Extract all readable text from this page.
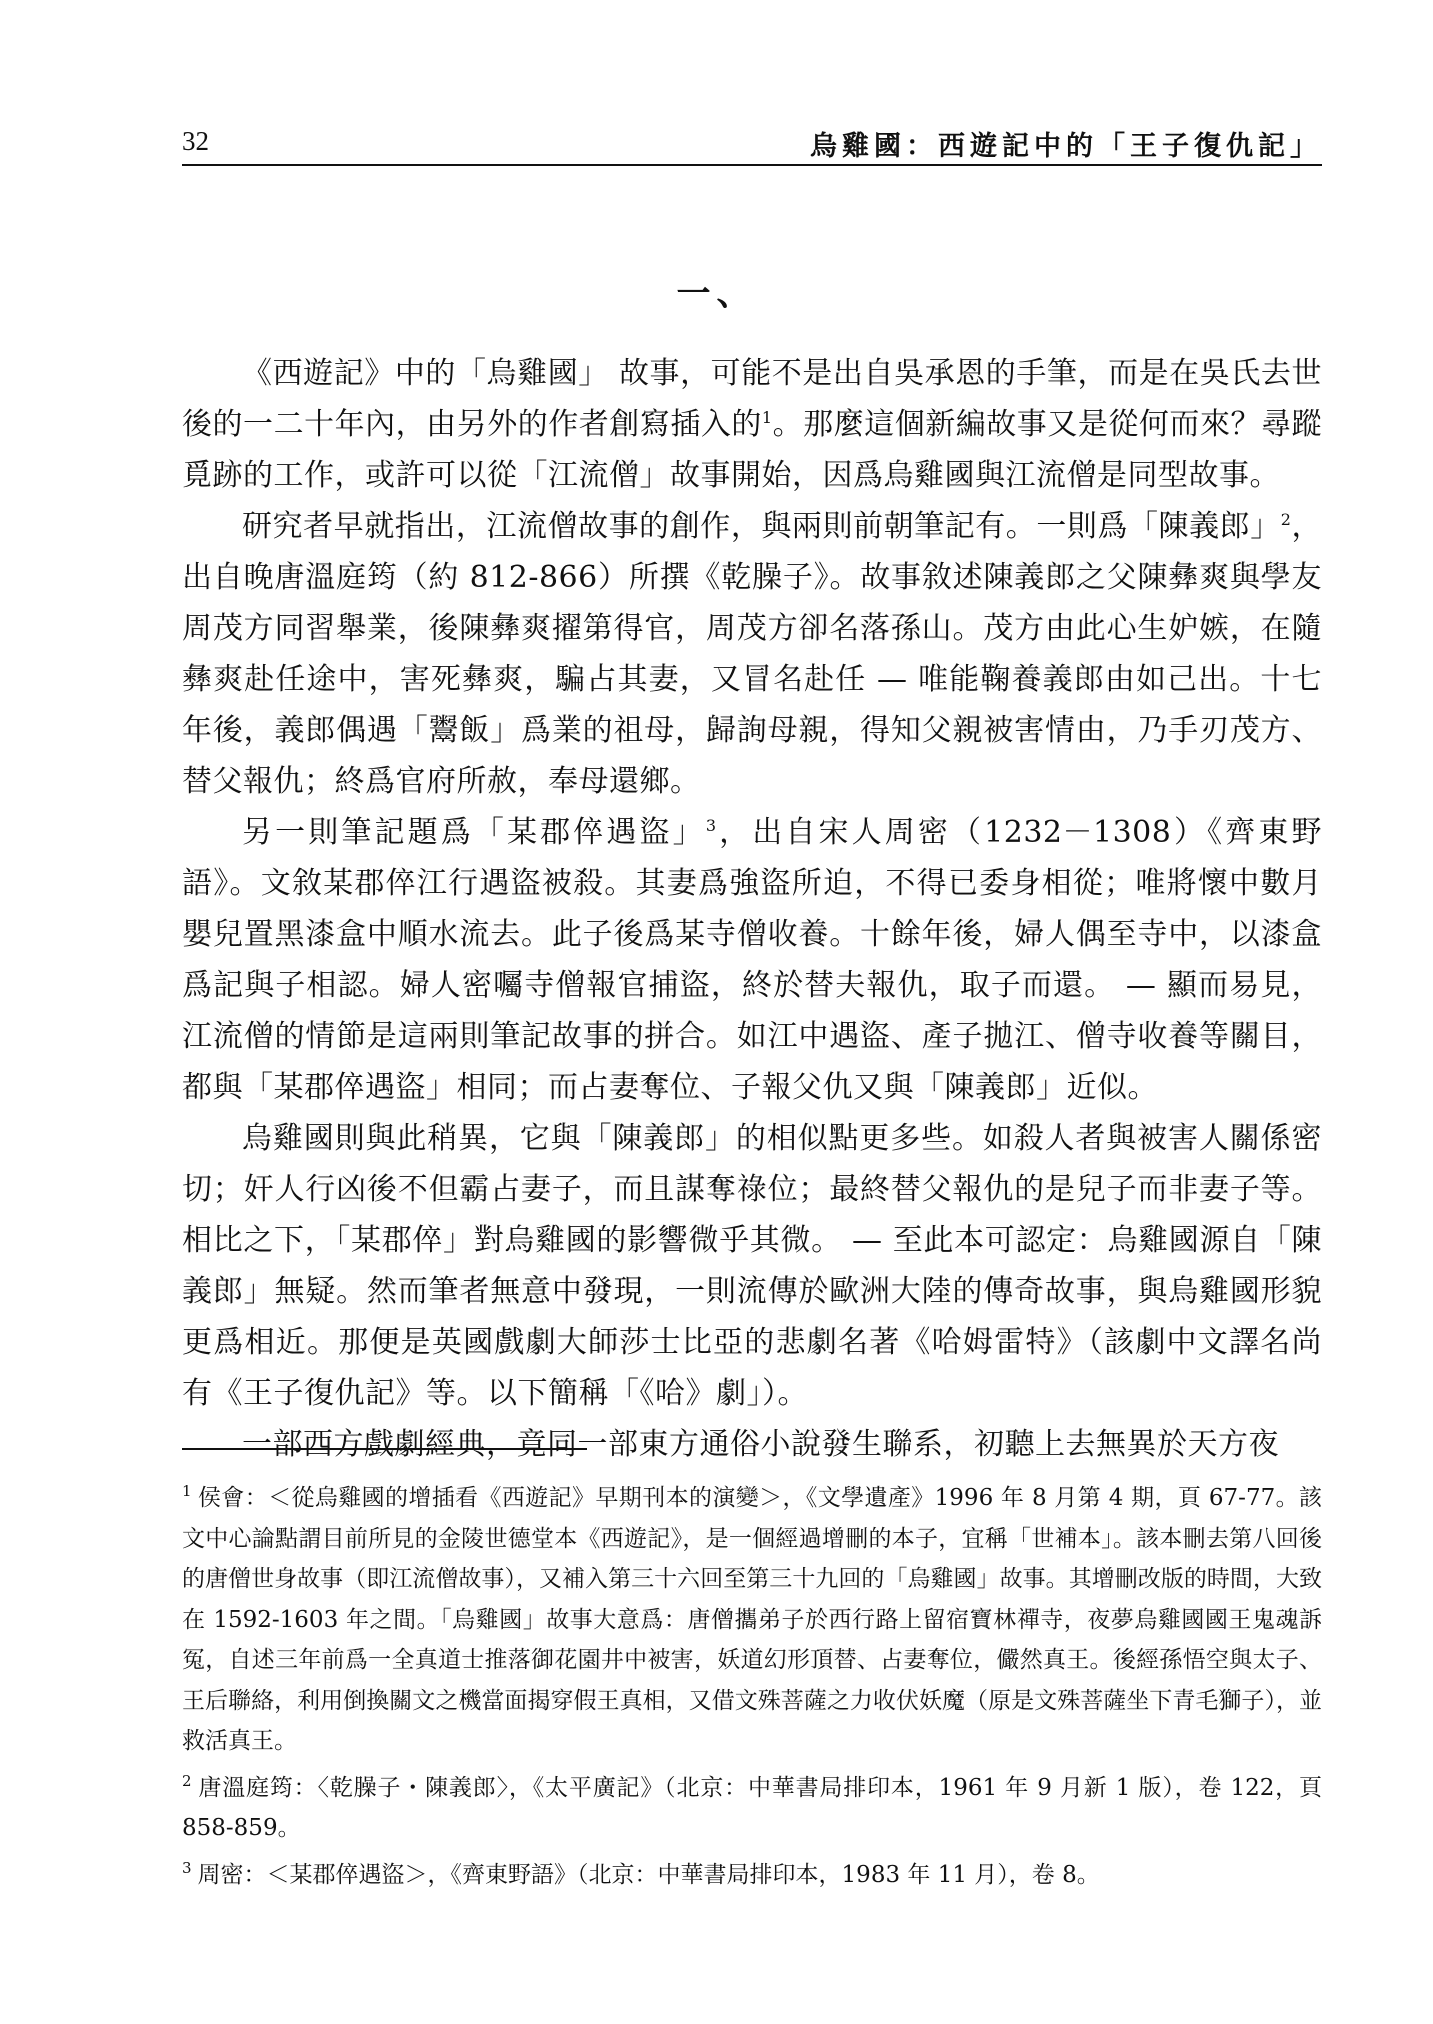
32	烏雞國：西遊記中的「王子復仇記」
一、

《西遊記》中的「烏雞國」 故事，可能不是出自吳承恩的手筆，而是在吳氏去世後的一二十年內，由另外的作者創寫插入的$^1$。那麼這個新編故事又是從何而來？尋蹤覓跡的工作，或許可以從「江流僧」故事開始，因爲烏雞國與江流僧是同型故事。

研究者早就指出，江流僧故事的創作，與兩則前朝筆記有。一則爲「陳義郎」$^2$，出自晚唐溫庭筠（約 812-866）所撰《乾臊子》。故事敘述陳義郎之父陳彝爽與學友周茂方同習舉業，後陳彝爽擢第得官，周茂方卻名落孫山。茂方由此心生妒嫉，在隨彝爽赴任途中，害死彝爽，騙占其妻，又冒名赴任 — 唯能鞠養義郎由如己出。十七年後，義郎偶遇「鬻飯」爲業的祖母，歸詢母親，得知父親被害情由，乃手刃茂方、替父報仇；終爲官府所赦，奉母還鄉。

另一則筆記題爲「某郡倅遇盜」$^3$，出自宋人周密（1232－1308）《齊東野語》。文敘某郡倅江行遇盜被殺。其妻爲強盜所迫，不得已委身相從；唯將懷中數月嬰兒置黑漆盒中順水流去。此子後爲某寺僧收養。十餘年後，婦人偶至寺中，以漆盒爲記與子相認。婦人密囑寺僧報官捕盜，終於替夫報仇，取子而還。 — 顯而易見，江流僧的情節是這兩則筆記故事的拼合。如江中遇盜、產子拋江、僧寺收養等關目，都與「某郡倅遇盜」相同；而占妻奪位、子報父仇又與「陳義郎」近似。

烏雞國則與此稍異，它與「陳義郎」的相似點更多些。如殺人者與被害人關係密切；奸人行凶後不但霸占妻子，而且謀奪祿位；最終替父報仇的是兒子而非妻子等。相比之下，「某郡倅」對烏雞國的影響微乎其微。 — 至此本可認定：烏雞國源自「陳義郎」無疑。然而筆者無意中發現，一則流傳於歐洲大陸的傳奇故事，與烏雞國形貌更爲相近。那便是英國戲劇大師莎士比亞的悲劇名著《哈姆雷特》（該劇中文譯名尚有《王子復仇記》等。以下簡稱「《哈》劇」）。

一部西方戲劇經典，竟同一部東方通俗小說發生聯系，初聽上去無異於天方夜

$^1$ 侯會：＜從烏雞國的增插看《西遊記》早期刊本的演變＞，《文學遺產》1996 年 8 月第 4 期，頁 67-77。該文中心論點謂目前所見的金陵世德堂本《西遊記》，是一個經過增刪的本子，宜稱「世補本」。該本刪去第八回後的唐僧世身故事（即江流僧故事），又補入第三十六回至第三十九回的「烏雞國」故事。其增刪改版的時間，大致在 1592-1603 年之間。「烏雞國」故事大意爲：唐僧攜弟子於西行路上留宿寶林禪寺，夜夢烏雞國國王鬼魂訴冤，自述三年前爲一全真道士推落御花園井中被害，妖道幻形頂替、占妻奪位，儼然真王。後經孫悟空與太子、王后聯絡，利用倒換關文之機當面揭穿假王真相，又借文殊菩薩之力收伏妖魔（原是文殊菩薩坐下青毛獅子），並救活真王。

$^2$ 唐溫庭筠：〈乾臊子・陳義郎〉，《太平廣記》（北京：中華書局排印本，1961 年 9 月新 1 版），卷 122，頁 858-859。

$^3$ 周密：＜某郡倅遇盜＞，《齊東野語》（北京：中華書局排印本，1983 年 11 月），卷 8。
